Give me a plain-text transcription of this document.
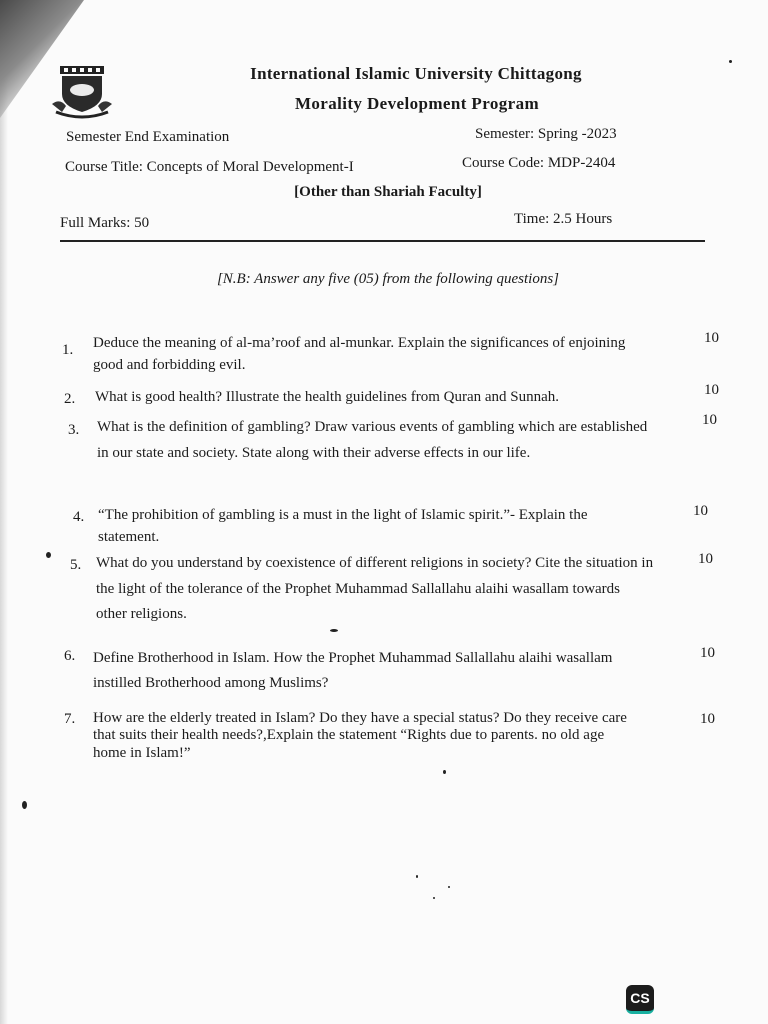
International Islamic University Chittagong
Morality Development Program
Semester End Examination	Semester: Spring -2023
Course Title: Concepts of Moral Development-I	Course Code: MDP-2404
[Other than Shariah Faculty]
Full Marks: 50	Time: 2.5 Hours
[N.B: Answer any five (05) from the following questions]
1. Deduce the meaning of al-ma’roof and al-munkar. Explain the significances of enjoining good and forbidding evil.
10
2. What is good health? Illustrate the health guidelines from Quran and Sunnah.	10
3. What is the definition of gambling? Draw various events of gambling which are established in our state and society. State along with their adverse effects in our life.
10
4. “The prohibition of gambling is a must in the light of Islamic spirit.”- Explain the statement.
10
5. What do you understand by coexistence of different religions in society? Cite the situation in the light of the tolerance of the Prophet Muhammad Sallallahu alaihi wasallam towards other religions.
10
6. Define Brotherhood in Islam. How the Prophet Muhammad Sallallahu alaihi wasallam instilled Brotherhood among Muslims?
10
7. How are the elderly treated in Islam? Do they have a special status? Do they receive care that suits their health needs?,Explain the statement “Rights due to parents. no old age home in Islam!”
10
CS
